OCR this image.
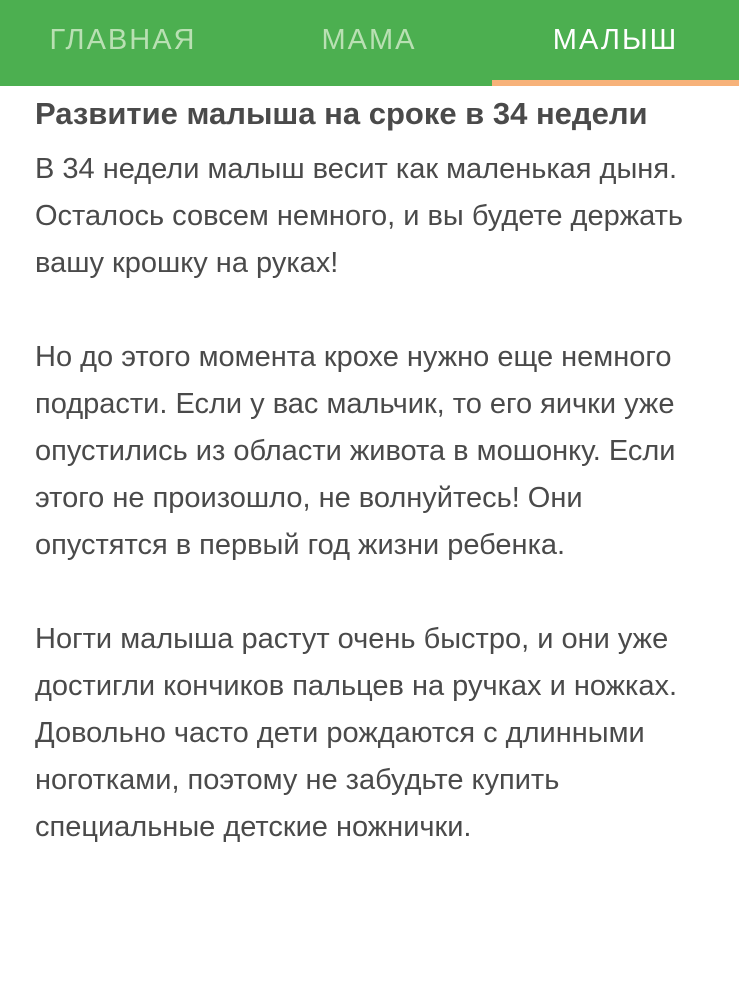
ГЛАВНАЯ	МАМА	МАЛЫШ
Развитие малыша на сроке в 34 недели

В 34 недели малыш весит как маленькая дыня. Осталось совсем немного, и вы будете держать вашу крошку на руках!

Но до этого момента крохе нужно еще немного подрасти. Если у вас мальчик, то его яички уже опустились из области живота в мошонку. Если этого не произошло, не волнуйтесь! Они опустятся в первый год жизни ребенка.

Ногти малыша растут очень быстро, и они уже достигли кончиков пальцев на ручках и ножках. Довольно часто дети рождаются с длинными ноготками, поэтому не забудьте купить специальные детские ножнички.
